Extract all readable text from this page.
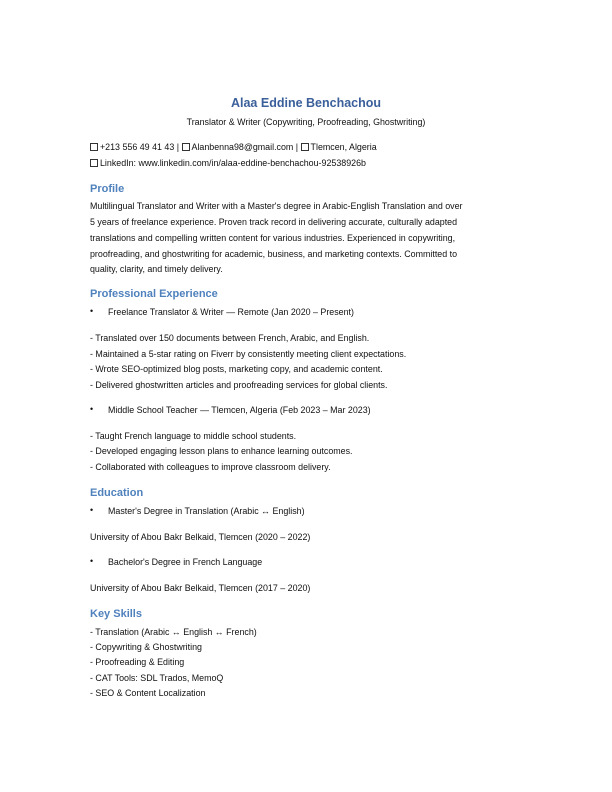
Alaa Eddine Benchachou
Translator & Writer (Copywriting, Proofreading, Ghostwriting)
+213 556 49 41 43 | Alanbenna98@gmail.com | Tlemcen, Algeria
LinkedIn: www.linkedin.com/in/alaa-eddine-benchachou-92538926b
Profile
Multilingual Translator and Writer with a Master's degree in Arabic-English Translation and over
5 years of freelance experience. Proven track record in delivering accurate, culturally adapted
translations and compelling written content for various industries. Experienced in copywriting,
proofreading, and ghostwriting for academic, business, and marketing contexts. Committed to
quality, clarity, and timely delivery.
Professional Experience
• Freelance Translator & Writer — Remote (Jan 2020 – Present)
- Translated over 150 documents between French, Arabic, and English.
- Maintained a 5-star rating on Fiverr by consistently meeting client expectations.
- Wrote SEO-optimized blog posts, marketing copy, and academic content.
- Delivered ghostwritten articles and proofreading services for global clients.
• Middle School Teacher — Tlemcen, Algeria (Feb 2023 – Mar 2023)
- Taught French language to middle school students.
- Developed engaging lesson plans to enhance learning outcomes.
- Collaborated with colleagues to improve classroom delivery.
Education
• Master's Degree in Translation (Arabic ↔ English)
University of Abou Bakr Belkaid, Tlemcen (2020 – 2022)
• Bachelor's Degree in French Language
University of Abou Bakr Belkaid, Tlemcen (2017 – 2020)
Key Skills
- Translation (Arabic ↔ English ↔ French)
- Copywriting & Ghostwriting
- Proofreading & Editing
- CAT Tools: SDL Trados, MemoQ
- SEO & Content Localization
